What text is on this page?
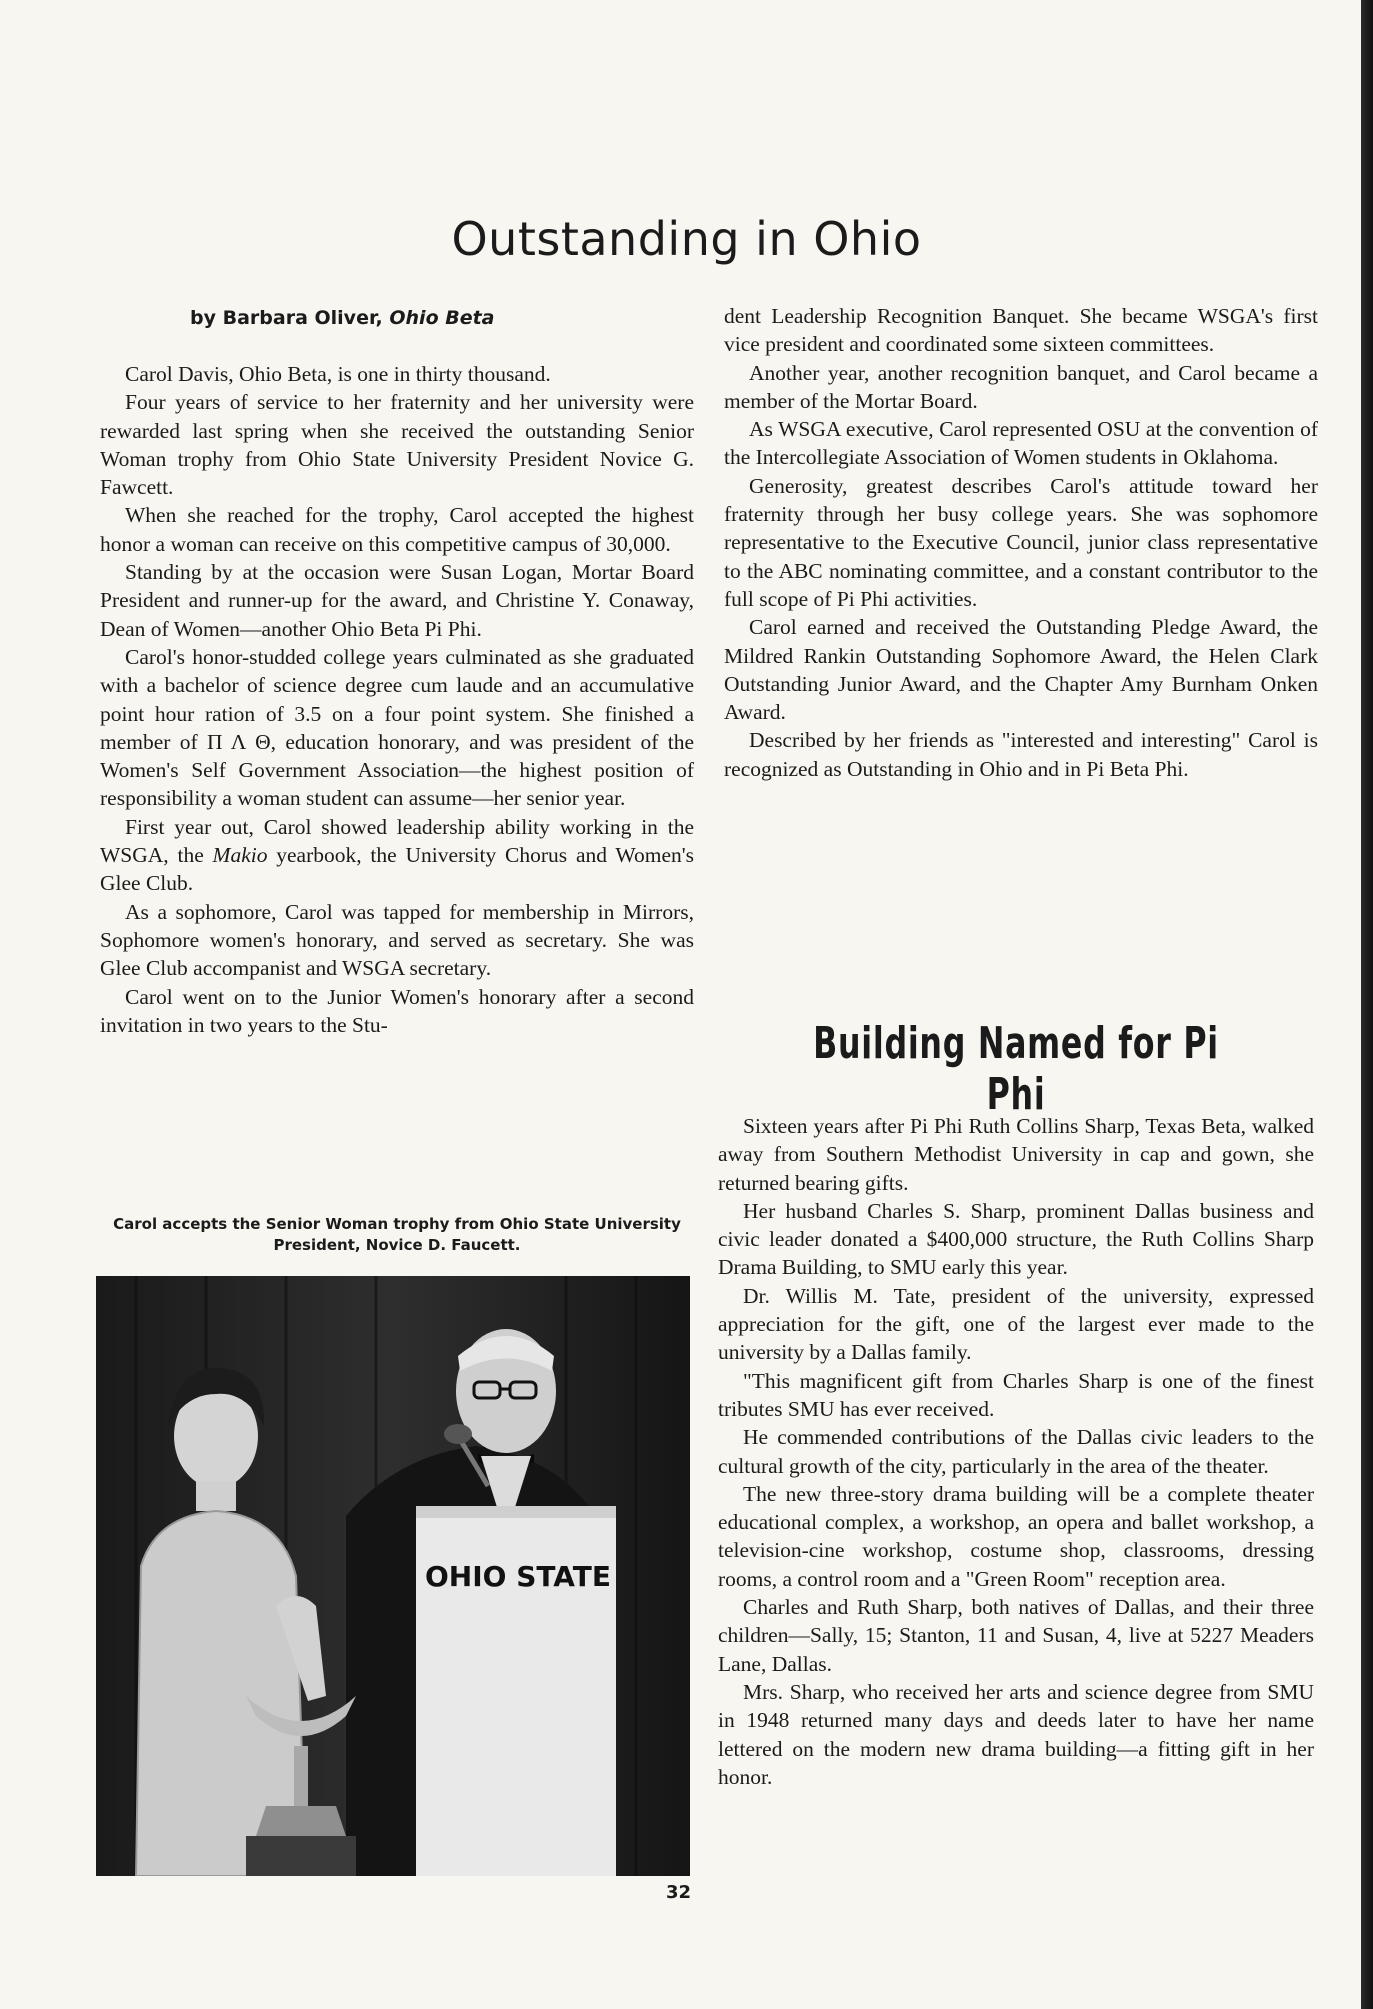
Outstanding in Ohio
by Barbara Oliver, Ohio Beta

Carol Davis, Ohio Beta, is one in thirty thousand.

Four years of service to her fraternity and her university were rewarded last spring when she received the outstanding Senior Woman trophy from Ohio State University President Novice G. Fawcett.

When she reached for the trophy, Carol accepted the highest honor a woman can receive on this competitive campus of 30,000.

Standing by at the occasion were Susan Logan, Mortar Board President and runner-up for the award, and Christine Y. Conaway, Dean of Women—another Ohio Beta Pi Phi.

Carol's honor-studded college years culminated as she graduated with a bachelor of science degree cum laude and an accumulative point hour ration of 3.5 on a four point system. She finished a member of Π Λ Θ, education honorary, and was president of the Women's Self Government Association—the highest position of responsibility a woman student can assume—her senior year.

First year out, Carol showed leadership ability working in the WSGA, the Makio yearbook, the University Chorus and Women's Glee Club.

As a sophomore, Carol was tapped for membership in Mirrors, Sophomore women's honorary, and served as secretary. She was Glee Club accompanist and WSGA secretary.

Carol went on to the Junior Women's honorary after a second invitation in two years to the Stu-

Carol accepts the Senior Woman trophy from Ohio State University President, Novice D. Faucett.
OHIO STATE

dent Leadership Recognition Banquet. She became WSGA's first vice president and coordinated some sixteen committees.

Another year, another recognition banquet, and Carol became a member of the Mortar Board.

As WSGA executive, Carol represented OSU at the convention of the Intercollegiate Association of Women students in Oklahoma.

Generosity, greatest describes Carol's attitude toward her fraternity through her busy college years. She was sophomore representative to the Executive Council, junior class representative to the ABC nominating committee, and a constant contributor to the full scope of Pi Phi activities.

Carol earned and received the Outstanding Pledge Award, the Mildred Rankin Outstanding Sophomore Award, the Helen Clark Outstanding Junior Award, and the Chapter Amy Burnham Onken Award.

Described by her friends as "interested and interesting" Carol is recognized as Outstanding in Ohio and in Pi Beta Phi.

Building Named for Pi Phi

Sixteen years after Pi Phi Ruth Collins Sharp, Texas Beta, walked away from Southern Methodist University in cap and gown, she returned bearing gifts.

Her husband Charles S. Sharp, prominent Dallas business and civic leader donated a $400,000 structure, the Ruth Collins Sharp Drama Building, to SMU early this year.

Dr. Willis M. Tate, president of the university, expressed appreciation for the gift, one of the largest ever made to the university by a Dallas family.

"This magnificent gift from Charles Sharp is one of the finest tributes SMU has ever received.

He commended contributions of the Dallas civic leaders to the cultural growth of the city, particularly in the area of the theater.

The new three-story drama building will be a complete theater educational complex, a workshop, an opera and ballet workshop, a television-cine workshop, costume shop, classrooms, dressing rooms, a control room and a "Green Room" reception area.

Charles and Ruth Sharp, both natives of Dallas, and their three children—Sally, 15; Stanton, 11 and Susan, 4, live at 5227 Meaders Lane, Dallas.

Mrs. Sharp, who received her arts and science degree from SMU in 1948 returned many days and deeds later to have her name lettered on the modern new drama building—a fitting gift in her honor.

32
